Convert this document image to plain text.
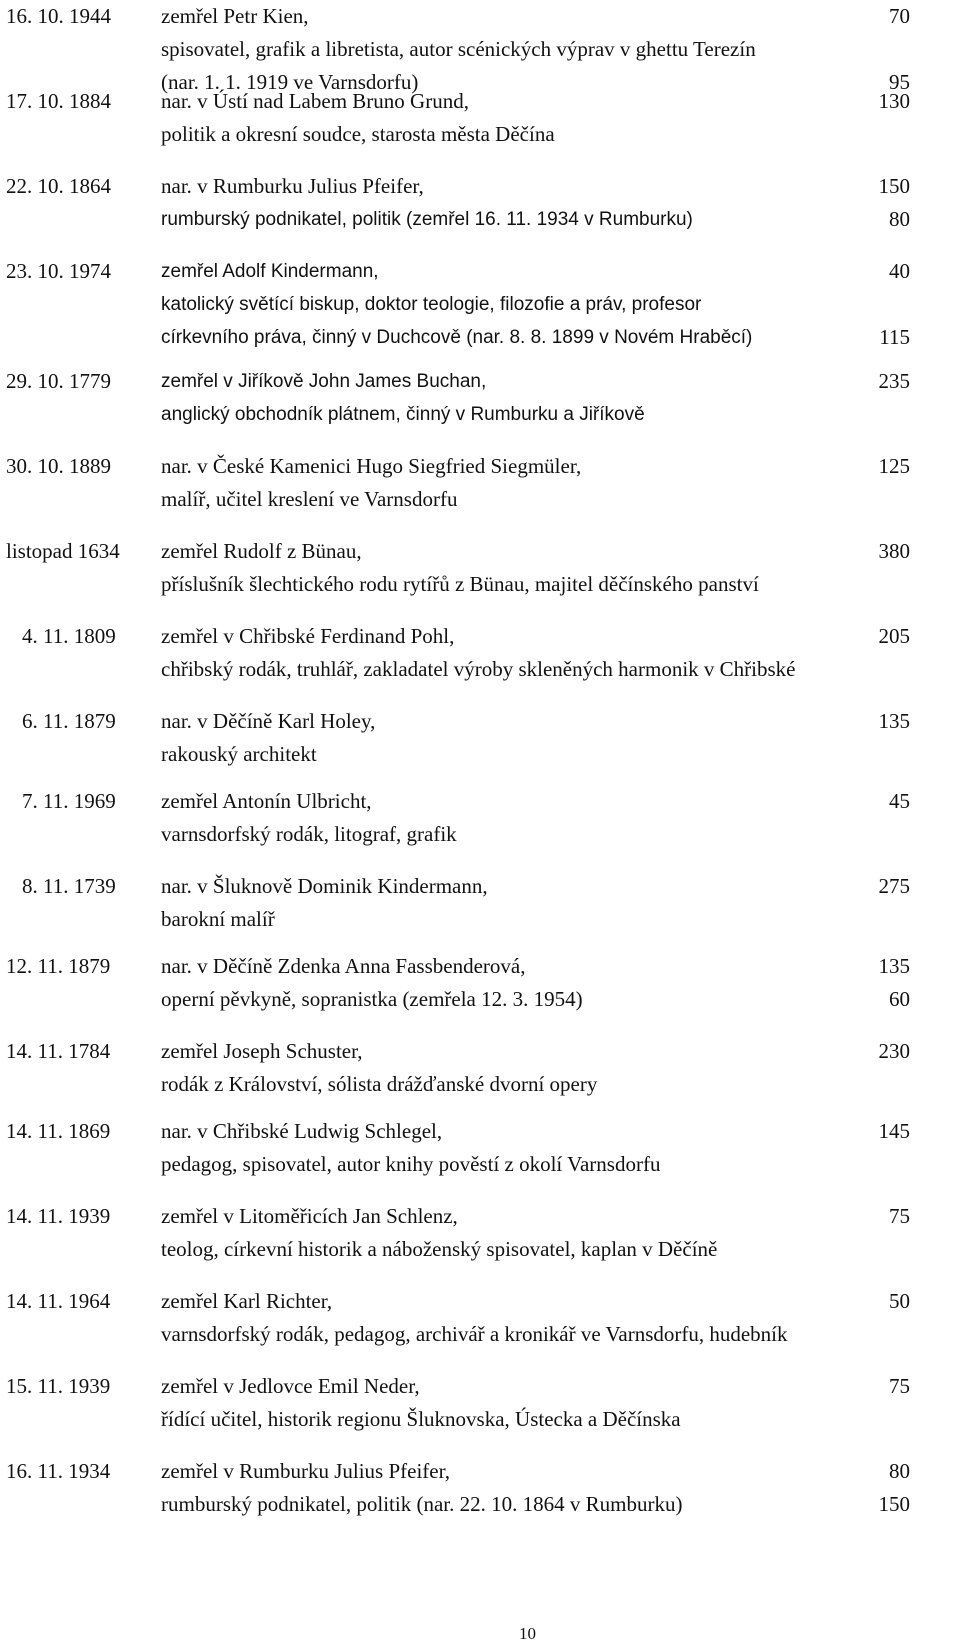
16. 10. 1944 zemřel Petr Kien,	70
spisovatel, grafik a libretista, autor scénických výprav v ghettu Terezín
(nar. 1. 1. 1919 ve Varnsdorfu)	95
17. 10. 1884 nar. v Ústí nad Labem Bruno Grund,	130
politik a okresní soudce, starosta města Děčína
22. 10. 1864 nar. v Rumburku Julius Pfeifer,	150
rumburský podnikatel, politik (zemřel 16. 11. 1934 v Rumburku)	80
23. 10. 1974	zemřel Adolf Kindermann,	40
katolický světící biskup, doktor teologie, filozofie a práv, profesor
církevního práva, činný v Duchcově (nar. 8. 8. 1899 v Novém Hraběcí)	115
29. 10. 1779	zemřel v Jiříkově John James Buchan,	235
anglický obchodník plátnem, činný v Rumburku a Jiříkově
30. 10. 1889 nar. v České Kamenici Hugo Siegfried Siegmüler,	125
malíř, učitel kreslení ve Varnsdorfu
listopad 1634 zemřel Rudolf z Bünau,	380
příslušník šlechtického rodu rytířů z Bünau, majitel děčínského panství
4. 11. 1809 zemřel v Chřibské Ferdinand Pohl,	205
chřibský rodák, truhlář, zakladatel výroby skleněných harmonik v Chřibské
6. 11. 1879 nar. v Děčíně Karl Holey,	135
rakouský architekt
7. 11. 1969 zemřel Antonín Ulbricht,	45
varnsdorfský rodák, litograf, grafik
8. 11. 1739 nar. v Šluknově Dominik Kindermann,	275
barokní malíř
12. 11. 1879 nar. v Děčíně Zdenka Anna Fassbenderová,	135
operní pěvkyně, sopranistka (zemřela 12. 3. 1954)	60
14. 11. 1784 zemřel Joseph Schuster,	230
rodák z Království, sólista drážďanské dvorní opery
14. 11. 1869 nar. v Chřibské Ludwig Schlegel,	145
pedagog, spisovatel, autor knihy pověstí z okolí Varnsdorfu
14. 11. 1939 zemřel v Litoměřicích Jan Schlenz,	75
teolog, církevní historik a náboženský spisovatel, kaplan v Děčíně
14. 11. 1964 zemřel Karl Richter,	50
varnsdorfský rodák, pedagog, archivář a kronikář ve Varnsdorfu, hudebník
15. 11. 1939 zemřel v Jedlovce Emil Neder,	75
řídící učitel, historik regionu Šluknovska, Ústecka a Děčínska
16. 11. 1934 zemřel v Rumburku Julius Pfeifer,	80
rumburský podnikatel, politik (nar. 22. 10. 1864 v Rumburku)	150
10
